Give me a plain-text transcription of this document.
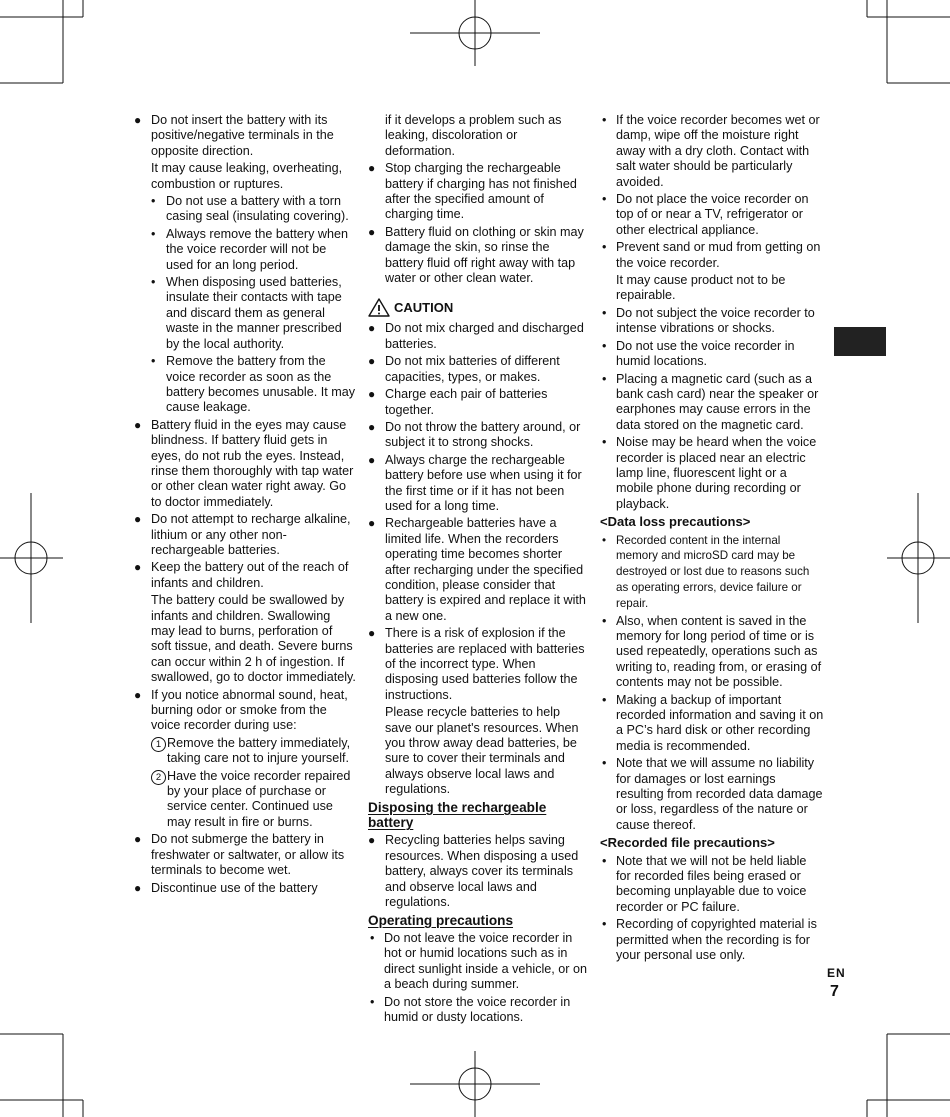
● Do not insert the battery with its positive/negative terminals in the opposite direction.
It may cause leaking, overheating, combustion or ruptures.
• Do not use a battery with a torn casing seal (insulating covering).
• Always remove the battery when the voice recorder will not be used for an long period.
• When disposing used batteries, insulate their contacts with tape and discard them as general waste in the manner prescribed by the local authority.
• Remove the battery from the voice recorder as soon as the battery becomes unusable. It may cause leakage.
● Battery fluid in the eyes may cause blindness. If battery fluid gets in eyes, do not rub the eyes. Instead, rinse them thoroughly with tap water or other clean water right away. Go to doctor immediately.
● Do not attempt to recharge alkaline, lithium or any other non-rechargeable batteries.
● Keep the battery out of the reach of infants and children.
The battery could be swallowed by infants and children. Swallowing may lead to burns, perforation of soft tissue, and death. Severe burns can occur within 2 h of ingestion. If swallowed, go to doctor immediately.
● If you notice abnormal sound, heat, burning odor or smoke from the voice recorder during use:
1 Remove the battery immediately, taking care not to injure yourself.
2 Have the voice recorder repaired by your place of purchase or service center. Continued use may result in fire or burns.
● Do not submerge the battery in freshwater or saltwater, or allow its terminals to become wet.
● Discontinue use of the battery
if it develops a problem such as leaking, discoloration or deformation.
● Stop charging the rechargeable battery if charging has not finished after the specified amount of charging time.
● Battery fluid on clothing or skin may damage the skin, so rinse the battery fluid off right away with tap water or other clean water.
CAUTION
● Do not mix charged and discharged batteries.
● Do not mix batteries of different capacities, types, or makes.
● Charge each pair of batteries together.
● Do not throw the battery around, or subject it to strong shocks.
● Always charge the rechargeable battery before use when using it for the first time or if it has not been used for a long time.
● Rechargeable batteries have a limited life. When the recorders operating time becomes shorter after recharging under the specified condition, please consider that battery is expired and replace it with a new one.
● There is a risk of explosion if the batteries are replaced with batteries of the incorrect type. When disposing used batteries follow the instructions.
Please recycle batteries to help save our planet's resources. When you throw away dead batteries, be sure to cover their terminals and always observe local laws and regulations.
Disposing the rechargeable battery
● Recycling batteries helps saving resources. When disposing a used battery, always cover its terminals and observe local laws and regulations.
Operating precautions
• Do not leave the voice recorder in hot or humid locations such as in direct sunlight inside a vehicle, or on a beach during summer.
• Do not store the voice recorder in humid or dusty locations.
• If the voice recorder becomes wet or damp, wipe off the moisture right away with a dry cloth. Contact with salt water should be particularly avoided.
• Do not place the voice recorder on top of or near a TV, refrigerator or other electrical appliance.
• Prevent sand or mud from getting on the voice recorder.
It may cause product not to be repairable.
• Do not subject the voice recorder to intense vibrations or shocks.
• Do not use the voice recorder in humid locations.
• Placing a magnetic card (such as a bank cash card) near the speaker or earphones may cause errors in the data stored on the magnetic card.
• Noise may be heard when the voice recorder is placed near an electric lamp line, fluorescent light or a mobile phone during recording or playback.
<Data loss precautions>
• Recorded content in the internal memory and microSD card may be destroyed or lost due to reasons such as operating errors, device failure or repair.
• Also, when content is saved in the memory for long period of time or is used repeatedly, operations such as writing to, reading from, or erasing of contents may not be possible.
• Making a backup of important recorded information and saving it on a PC’s hard disk or other recording media is recommended.
• Note that we will assume no liability for damages or lost earnings resulting from recorded data damage or loss, regardless of the nature or cause thereof.
<Recorded file precautions>
• Note that we will not be held liable for recorded files being erased or becoming unplayable due to voice recorder or PC failure.
• Recording of copyrighted material is permitted when the recording is for your personal use only.
EN
7
